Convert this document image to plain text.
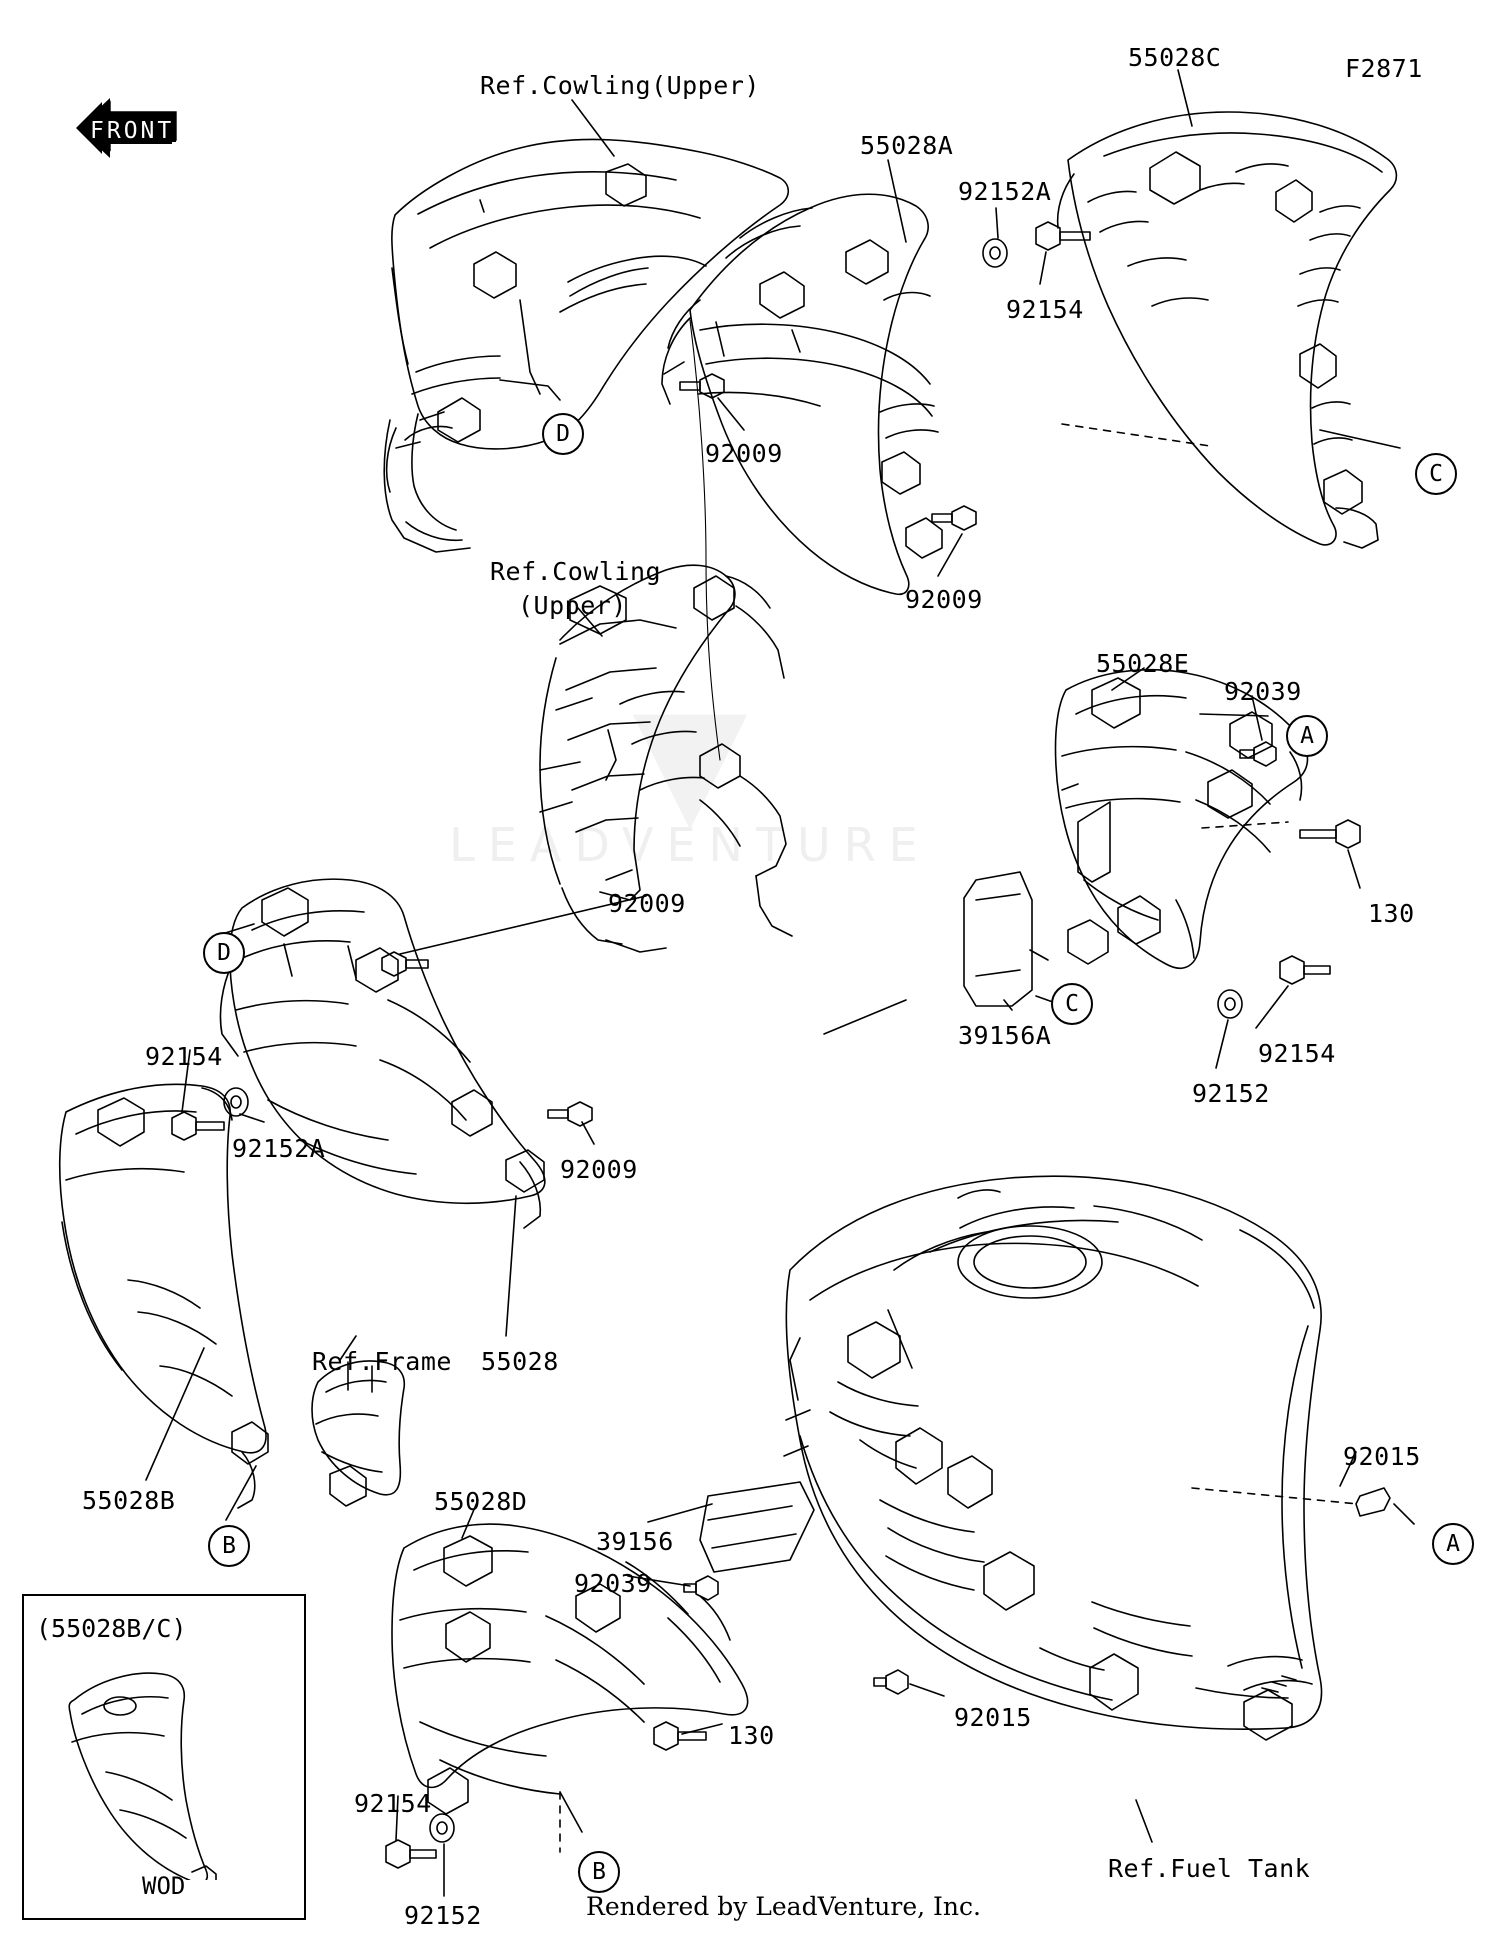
▼
LEADVENTURE
FRONT
Ref.Cowling(Upper)
55028A
92152A
92154
55028C	F2871
92009
92009
Ref.Cowling
(Upper)
55028E
92039
130
39156A
92154
92152
92009
92154
92152A
92009
Ref.Frame 55028
55028B	55028D
39156
92039
92015
130
92154
92152
92015
Ref.Fuel Tank
D
C
A
C
D
B
B
A
(55028B/C)
WOD
Rendered by LeadVenture, Inc.
